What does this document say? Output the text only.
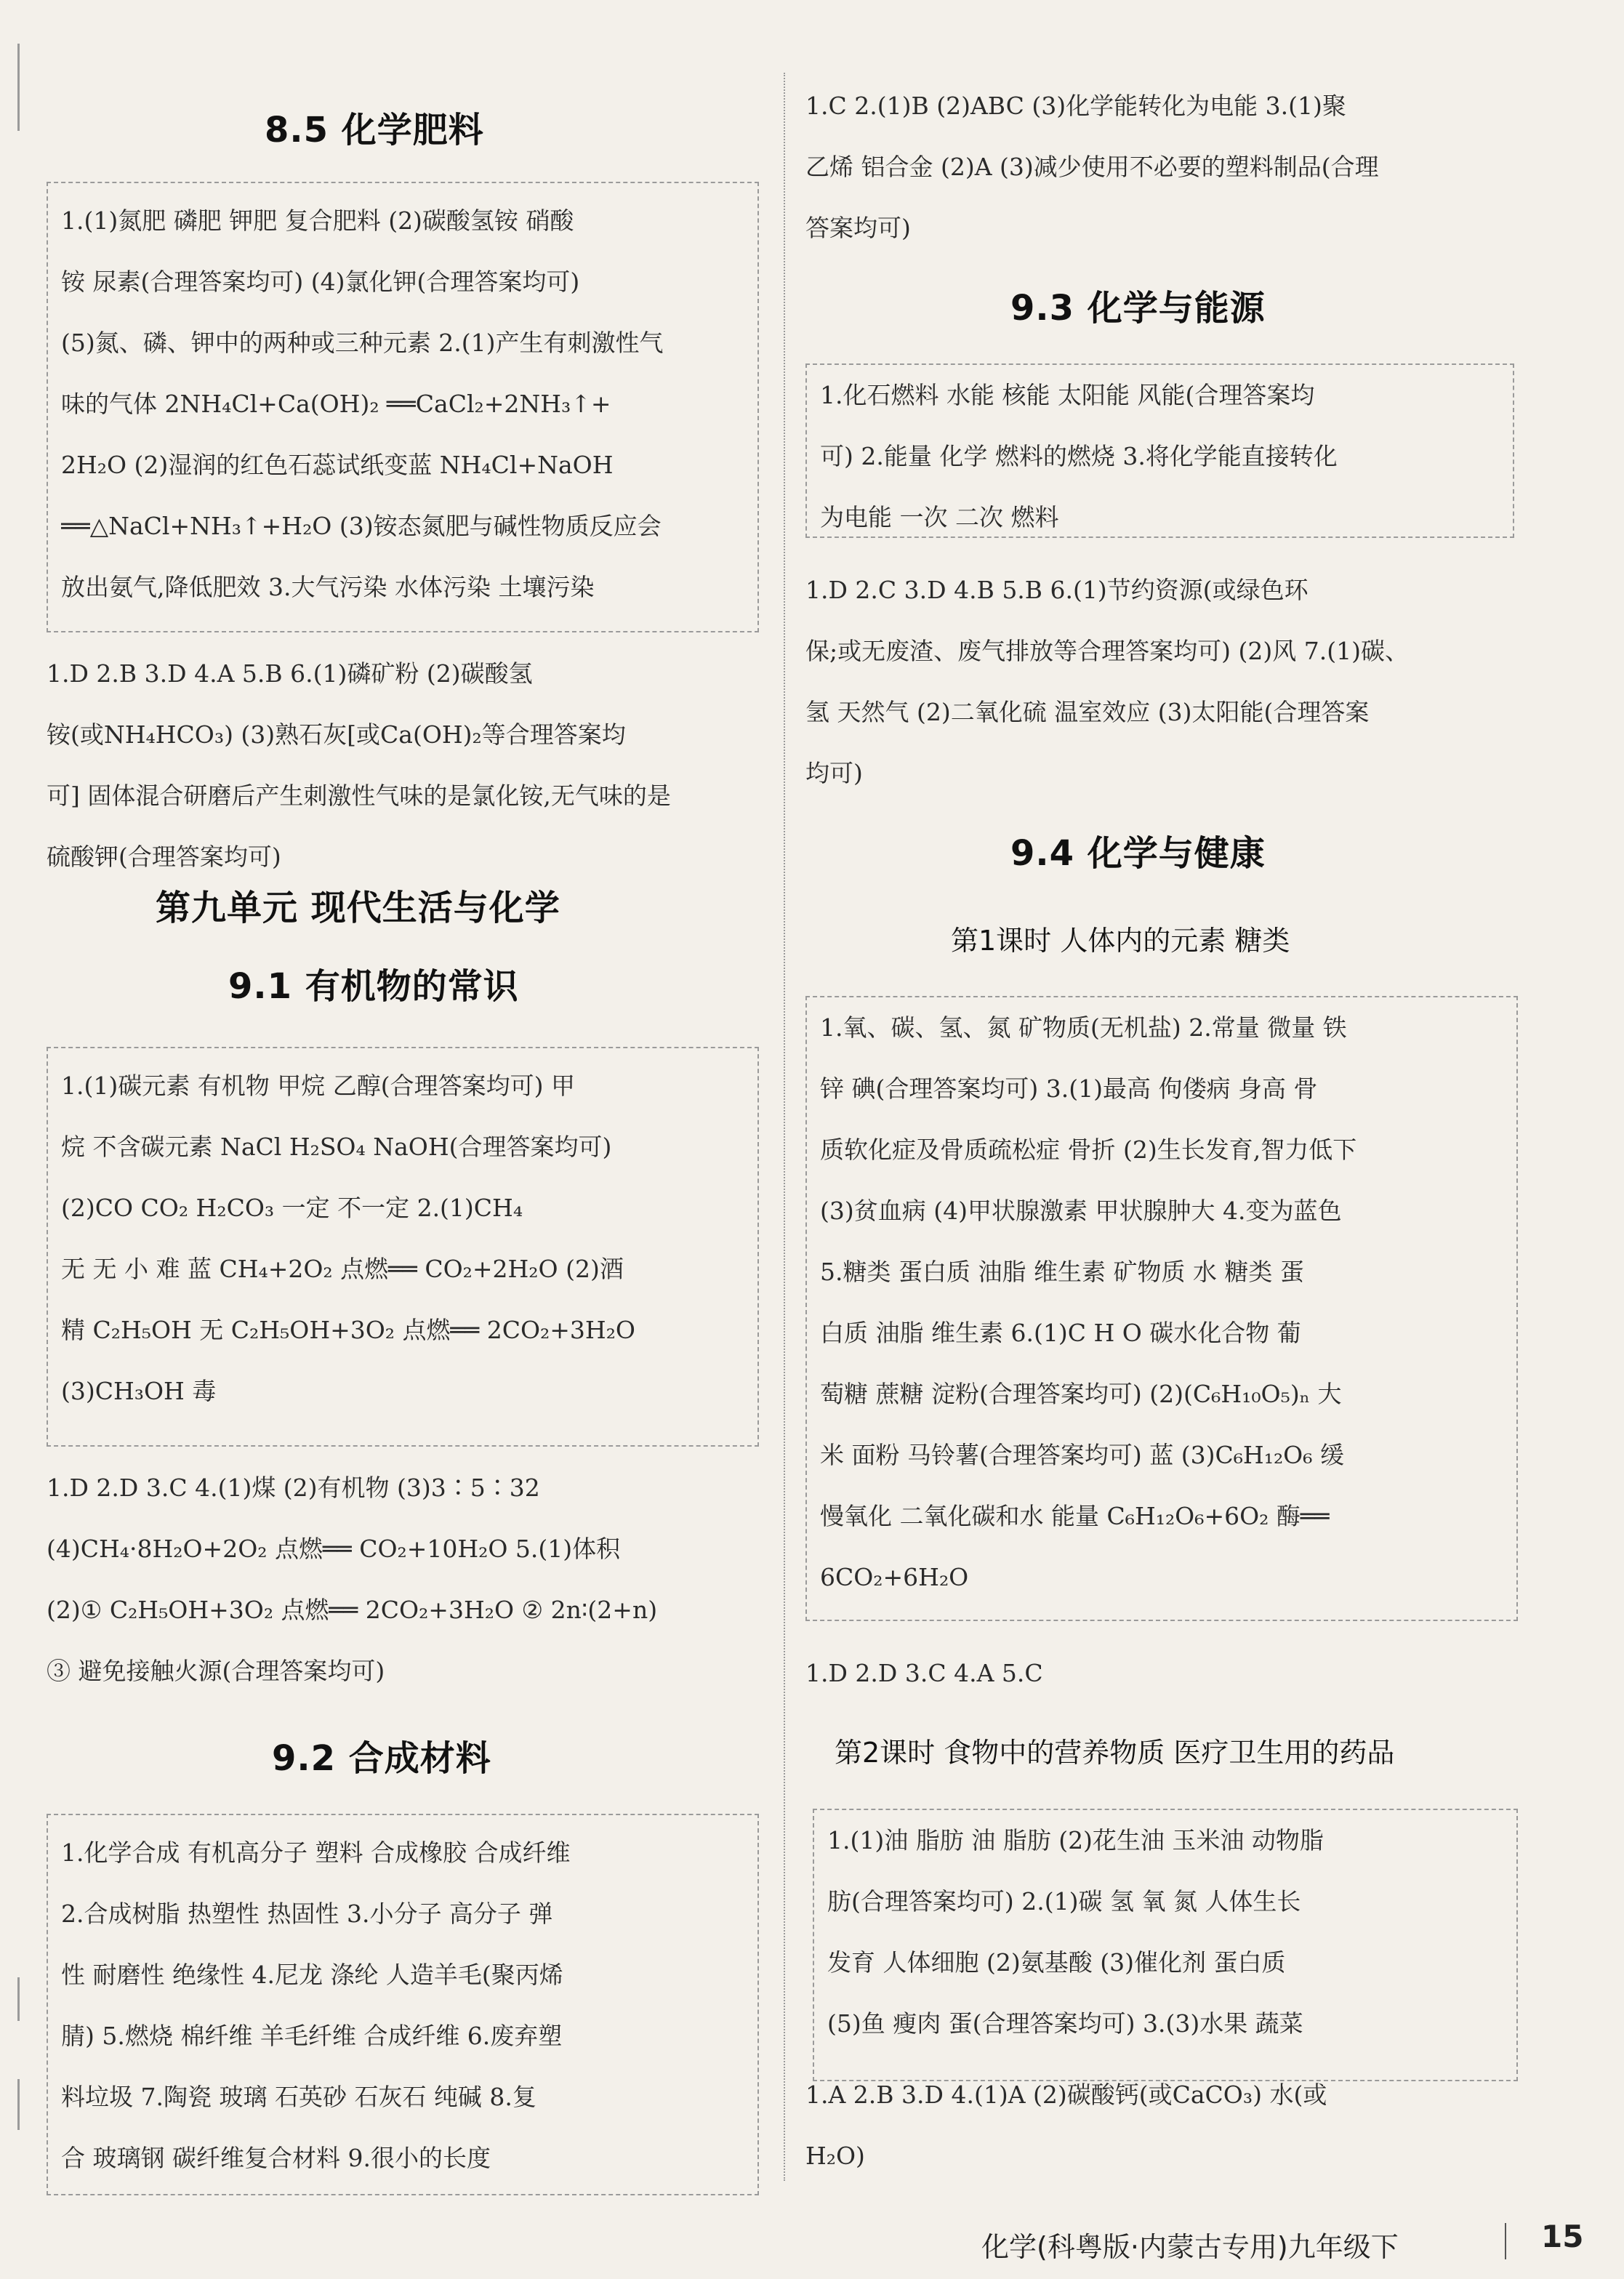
8.5 化学肥料
1.(1)氮肥 磷肥 钾肥 复合肥料 (2)碳酸氢铵 硝酸
铵 尿素(合理答案均可) (4)氯化钾(合理答案均可)
(5)氮、磷、钾中的两种或三种元素 2.(1)产生有刺激性气
味的气体 2NH₄Cl+Ca(OH)₂ ══CaCl₂+2NH₃↑+
2H₂O (2)湿润的红色石蕊试纸变蓝 NH₄Cl+NaOH
══△NaCl+NH₃↑+H₂O (3)铵态氮肥与碱性物质反应会
放出氨气,降低肥效 3.大气污染 水体污染 土壤污染
1.D 2.B 3.D 4.A 5.B 6.(1)磷矿粉 (2)碳酸氢
铵(或NH₄HCO₃) (3)熟石灰[或Ca(OH)₂等合理答案均
可] 固体混合研磨后产生刺激性气味的是氯化铵,无气味的是
硫酸钾(合理答案均可)
第九单元 现代生活与化学
9.1 有机物的常识
1.(1)碳元素 有机物 甲烷 乙醇(合理答案均可) 甲
烷 不含碳元素 NaCl H₂SO₄ NaOH(合理答案均可)
(2)CO CO₂ H₂CO₃ 一定 不一定 2.(1)CH₄
无 无 小 难 蓝 CH₄+2O₂ 点燃══ CO₂+2H₂O (2)酒
精 C₂H₅OH 无 C₂H₅OH+3O₂ 点燃══ 2CO₂+3H₂O
(3)CH₃OH 毒
1.D 2.D 3.C 4.(1)煤 (2)有机物 (3)3∶5∶32
(4)CH₄·8H₂O+2O₂ 点燃══ CO₂+10H₂O 5.(1)体积
(2)① C₂H₅OH+3O₂ 点燃══ 2CO₂+3H₂O ② 2n∶(2+n)
③ 避免接触火源(合理答案均可)
9.2 合成材料
1.化学合成 有机高分子 塑料 合成橡胶 合成纤维
2.合成树脂 热塑性 热固性 3.小分子 高分子 弹
性 耐磨性 绝缘性 4.尼龙 涤纶 人造羊毛(聚丙烯
腈) 5.燃烧 棉纤维 羊毛纤维 合成纤维 6.废弃塑
料垃圾 7.陶瓷 玻璃 石英砂 石灰石 纯碱 8.复
合 玻璃钢 碳纤维复合材料 9.很小的长度
1.C 2.(1)B (2)ABC (3)化学能转化为电能 3.(1)聚
乙烯 铝合金 (2)A (3)减少使用不必要的塑料制品(合理
答案均可)
9.3 化学与能源
1.化石燃料 水能 核能 太阳能 风能(合理答案均
可) 2.能量 化学 燃料的燃烧 3.将化学能直接转化
为电能 一次 二次 燃料
1.D 2.C 3.D 4.B 5.B 6.(1)节约资源(或绿色环
保;或无废渣、废气排放等合理答案均可) (2)风 7.(1)碳、
氢 天然气 (2)二氧化硫 温室效应 (3)太阳能(合理答案
均可)
9.4 化学与健康
第1课时 人体内的元素 糖类
1.氧、碳、氢、氮 矿物质(无机盐) 2.常量 微量 铁
锌 碘(合理答案均可) 3.(1)最高 佝偻病 身高 骨
质软化症及骨质疏松症 骨折 (2)生长发育,智力低下
(3)贫血病 (4)甲状腺激素 甲状腺肿大 4.变为蓝色
5.糖类 蛋白质 油脂 维生素 矿物质 水 糖类 蛋
白质 油脂 维生素 6.(1)C H O 碳水化合物 葡
萄糖 蔗糖 淀粉(合理答案均可) (2)(C₆H₁₀O₅)ₙ 大
米 面粉 马铃薯(合理答案均可) 蓝 (3)C₆H₁₂O₆ 缓
慢氧化 二氧化碳和水 能量 C₆H₁₂O₆+6O₂ 酶══
6CO₂+6H₂O
1.D 2.D 3.C 4.A 5.C
第2课时 食物中的营养物质 医疗卫生用的药品
1.(1)油 脂肪 油 脂肪 (2)花生油 玉米油 动物脂
肪(合理答案均可) 2.(1)碳 氢 氧 氮 人体生长
发育 人体细胞 (2)氨基酸 (3)催化剂 蛋白质
(5)鱼 瘦肉 蛋(合理答案均可) 3.(3)水果 蔬菜
1.A 2.B 3.D 4.(1)A (2)碳酸钙(或CaCO₃) 水(或
H₂O)
化学(科粤版·内蒙古专用)九年级下	15
